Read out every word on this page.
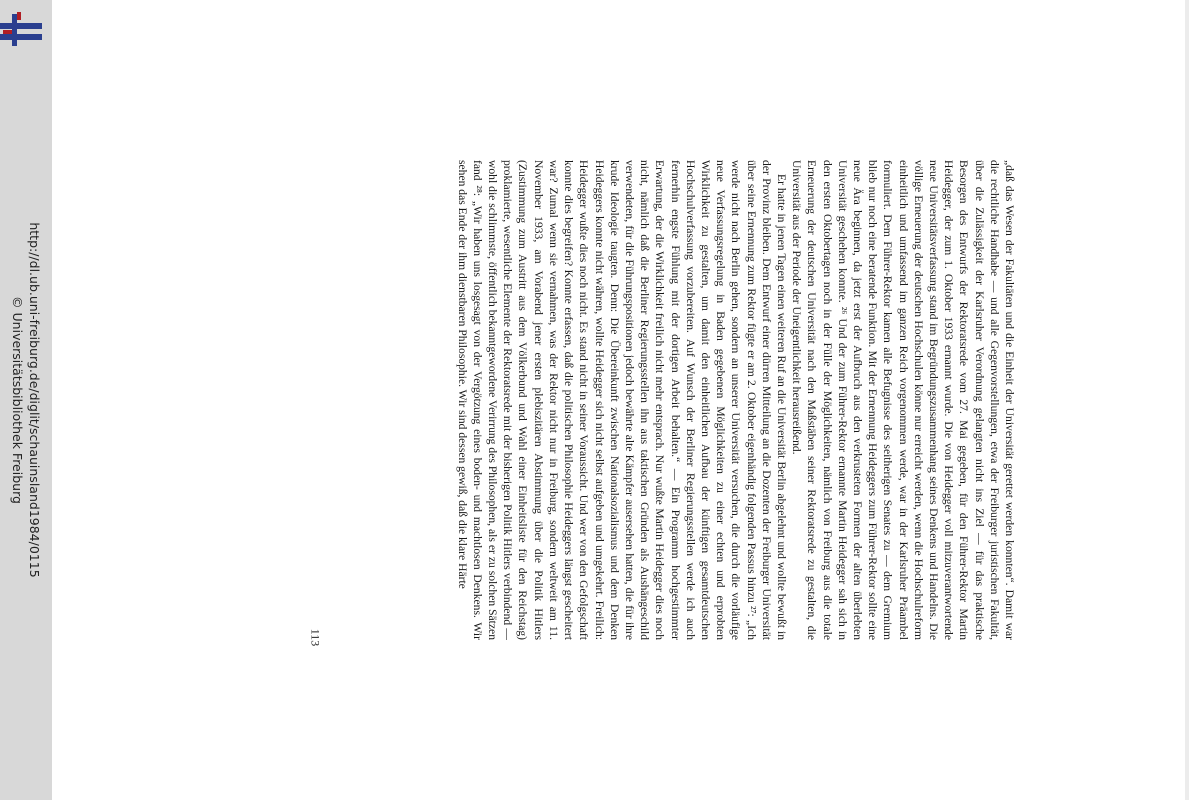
http://dl.ub.uni-freiburg.de/diglit/schauinsland1984/0115
© Universitätsbibliothek Freiburg	„daß das Wesen der Fakultäten und die Einheit der Universität gerettet werden konnten“. Damit war die rechtliche Handhabe — und alle Gegenvorstellungen, etwa der Freiburger juristischen Fakultät, über die Zulässigkeit der Karlsruher Verordnung gelangten nicht ins Ziel — für das praktische Besorgen des Entwurfs der Rektoratsrede vom 27. Mai gegeben, für den Führer-Rektor Martin Heidegger, der zum 1. Oktober 1933 ernannt wurde. Die von Heidegger voll mitzuverantwortende neue Universitätsverfassung stand im Begründungszusammenhang seines Denkens und Handelns. Die völlige Erneuerung der deutschen Hochschulen könne nur erreicht werden, wenn die Hochschulreform einheitlich und umfassend im ganzen Reich vorgenommen werde, war in der Karlsruher Präambel formuliert. Dem Führer-Rektor kamen alle Befugnisse des seitherigen Senates zu — dem Gremium blieb nur noch eine beratende Funktion. Mit der Ernennung Heideggers zum Führer-Rektor sollte eine neue Ära beginnen, da jetzt erst der Aufbruch aus den verkrusteten Formen der alten überlebten Universität geschehen konnte. ²⁶ Und der zum Führer-Rektor ernannte Martin Heidegger sah sich in den ersten Oktobertagen noch in der Fülle der Möglichkeiten, nämlich von Freiburg aus die totale Erneuerung der deutschen Universität nach den Maßstäben seiner Rektoratsrede zu gestalten, die Universität aus der Periode der Uneigentlichkeit herausreißend.

Er hatte in jenen Tagen einen weiteren Ruf an die Universität Berlin abgelehnt und wollte bewußt in der Provinz bleiben. Dem Entwurf einer dürren Mitteilung an die Dozenten der Freiburger Universität über seine Ernennung zum Rektor fügte er am 2. Oktober eigenhändig folgenden Passus hinzu ²⁷: „Ich werde nicht nach Berlin gehen, sondern an unserer Universität versuchen, die durch die vorläufige neue Verfassungsregelung in Baden gegebenen Möglichkeiten zu einer echten und erprobten Wirklichkeit zu gestalten, um damit den einheitlichen Aufbau der künftigen gesamtdeutschen Hochschulverfassung vorzubereiten. Auf Wunsch der Berliner Regierungsstellen werde ich auch fernerhin engste Fühlung mit der dortigen Arbeit behalten.“ — Ein Programm hochgestimmter Erwartung, der die Wirklichkeit freilich nicht mehr entsprach. Nur wußte Martin Heidegger dies noch nicht, nämlich daß die Berliner Regierungsstellen ihn aus taktischen Gründen als Aushängeschild verwendeten, für die Führungspositionen jedoch bewährte alte Kämpfer ausersehen hatten, die für ihre krude Ideologie taugten. Denn: Die Übereinkunft zwischen Nationalsozialismus und dem Denken Heideggers konnte nicht währen, wollte Heidegger sich nicht selbst aufgeben und umgekehrt. Freilich: Heidegger wußte dies noch nicht. Es stand nicht in seiner Voraussicht. Und wer von den Gefolgschaft konnte dies begreifen? Konnte erfassen, daß die politischen Philosophie Heideggers längst gescheitert war? Zumal wenn sie vernahmen, was der Rektor nicht nur in Freiburg, sondern weltweit am 11. November 1933, am Vorabend jener ersten plebiszitären Abstimmung über die Politik Hitlers (Zustimmung zum Austritt aus dem Völkerbund und Wahl einer Einheitsliste für den Reichstag) proklamierte, wesentliche Elemente der Rektoratsrede mit der bisherigen Politik Hitlers verbindend — wohl die schlimmste, öffentlich bekanntgewordene Verirrung des Philosophen, als er zu solchen Sätzen fand ²⁸: „Wir haben uns losgesagt von der Vergötzung eines boden- und machtlosen Denkens. Wir sehen das Ende der ihm dienstbaren Philosophie. Wir sind dessen gewiß, daß die klare Härte

113
